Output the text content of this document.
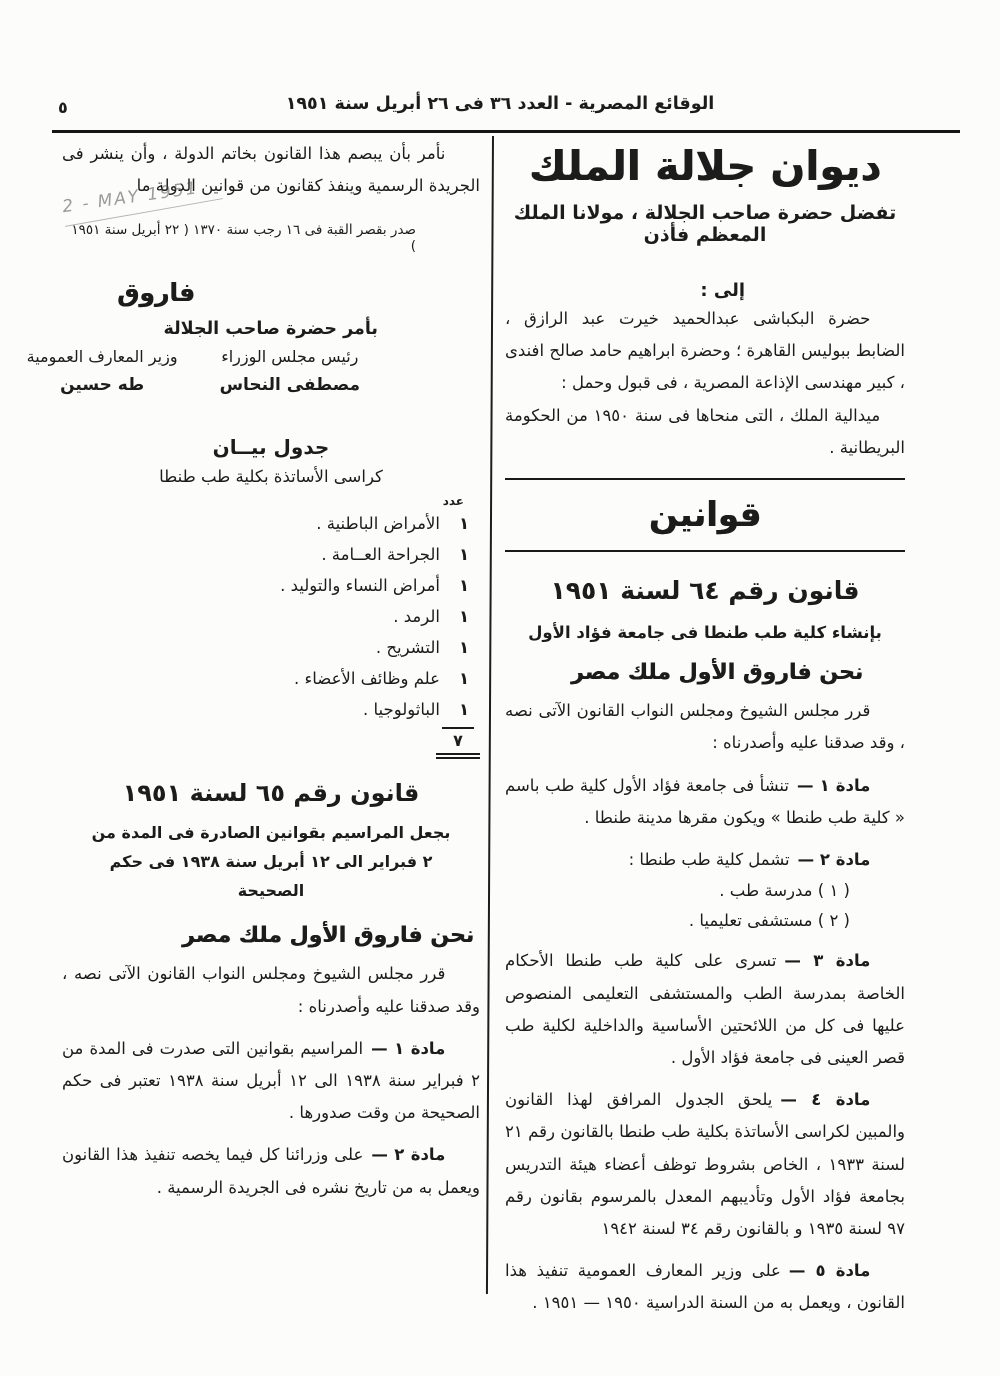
٥	الوقائع المصرية - العدد ٣٦ فى ٢٦ أبريل سنة ١٩٥١
ديوان جلالة الملك
تفضل حضرة صاحب الجلالة ، مولانا الملك المعظم فأذن
إلى :

حضرة البكباشى عبدالحميد خيرت عبد الرازق ، الضابط ببوليس القاهرة ؛ وحضرة ابراهيم حامد صالح افندى ، كبير مهندسى الإذاعة المصرية ، فى قبول وحمل :

ميدالية الملك ، التى منحاها فى سنة ١٩٥٠ من الحكومة البريطانية .

قوانين
قانون رقم ٦٤ لسنة ١٩٥١
بإنشاء كلية طب طنطا فى جامعة فؤاد الأول
نحن فاروق الأول ملك مصر

قرر مجلس الشيوخ ومجلس النواب القانون الآتى نصه ، وقد صدقنا عليه وأصدرناه :

مادة ١ —تنشأ فى جامعة فؤاد الأول كلية طب باسم « كلية طب طنطا » ويكون مقرها مدينة طنطا .

مادة ٢ —تشمل كلية طب طنطا :

( ١ ) مدرسة طب .
( ٢ ) مستشفى تعليميا .

مادة ٣ —تسرى على كلية طب طنطا الأحكام الخاصة بمدرسة الطب والمستشفى التعليمى المنصوص عليها فى كل من اللائحتين الأساسية والداخلية لكلية طب قصر العينى فى جامعة فؤاد الأول .

مادة ٤ —يلحق الجدول المرافق لهذا القانون والمبين لكراسى الأساتذة بكلية طب طنطا بالقانون رقم ٢١ لسنة ١٩٣٣ ، الخاص بشروط توظف أعضاء هيئة التدريس بجامعة فؤاد الأول وتأديبهم المعدل بالمرسوم بقانون رقم ٩٧ لسنة ١٩٣٥ و بالقانون رقم ٣٤ لسنة ١٩٤٢

مادة ٥ —على وزير المعارف العمومية تنفيذ هذا القانون ، ويعمل به من السنة الدراسية ١٩٥٠ — ١٩٥١ .

نأمر بأن يبصم هذا القانون بخاتم الدولة ، وأن ينشر فى الجريدة الرسمية وينفذ كقانون من قوانين الدولة ما

2 - MAY 1951
صدر بقصر القبة فى ١٦ رجب سنة ١٣٧٠ ( ٢٢ أبريل سنة ١٩٥١ )
فاروق
بأمر حضرة صاحب الجلالة
رئيس مجلس الوزراء
مصطفى النحاس
وزير المعارف العمومية
طه حسين
جدول بيــان
كراسى الأساتذة بكلية طب طنطا
عدد
١
الأمراض الباطنية .
١
الجراحة العــامة .
١
أمراض النساء والتوليد .
١
الرمد .
١
التشريح .
١
علم وظائف الأعضاء .
١
الباثولوجيا .
٧
قانون رقم ٦٥ لسنة ١٩٥١
بجعل المراسيم بقوانين الصادرة فى المدة من ٢ فبراير الى ١٢ أبريل سنة ١٩٣٨ فى حكم الصحيحة
نحن فاروق الأول ملك مصر

قرر مجلس الشيوخ ومجلس النواب القانون الآتى نصه ، وقد صدقنا عليه وأصدرناه :

مادة ١ —المراسيم بقوانين التى صدرت فى المدة من ٢ فبراير سنة ١٩٣٨ الى ١٢ أبريل سنة ١٩٣٨ تعتبر فى حكم الصحيحة من وقت صدورها .

مادة ٢ —على وزرائنا كل فيما يخصه تنفيذ هذا القانون ويعمل به من تاريخ نشره فى الجريدة الرسمية .
